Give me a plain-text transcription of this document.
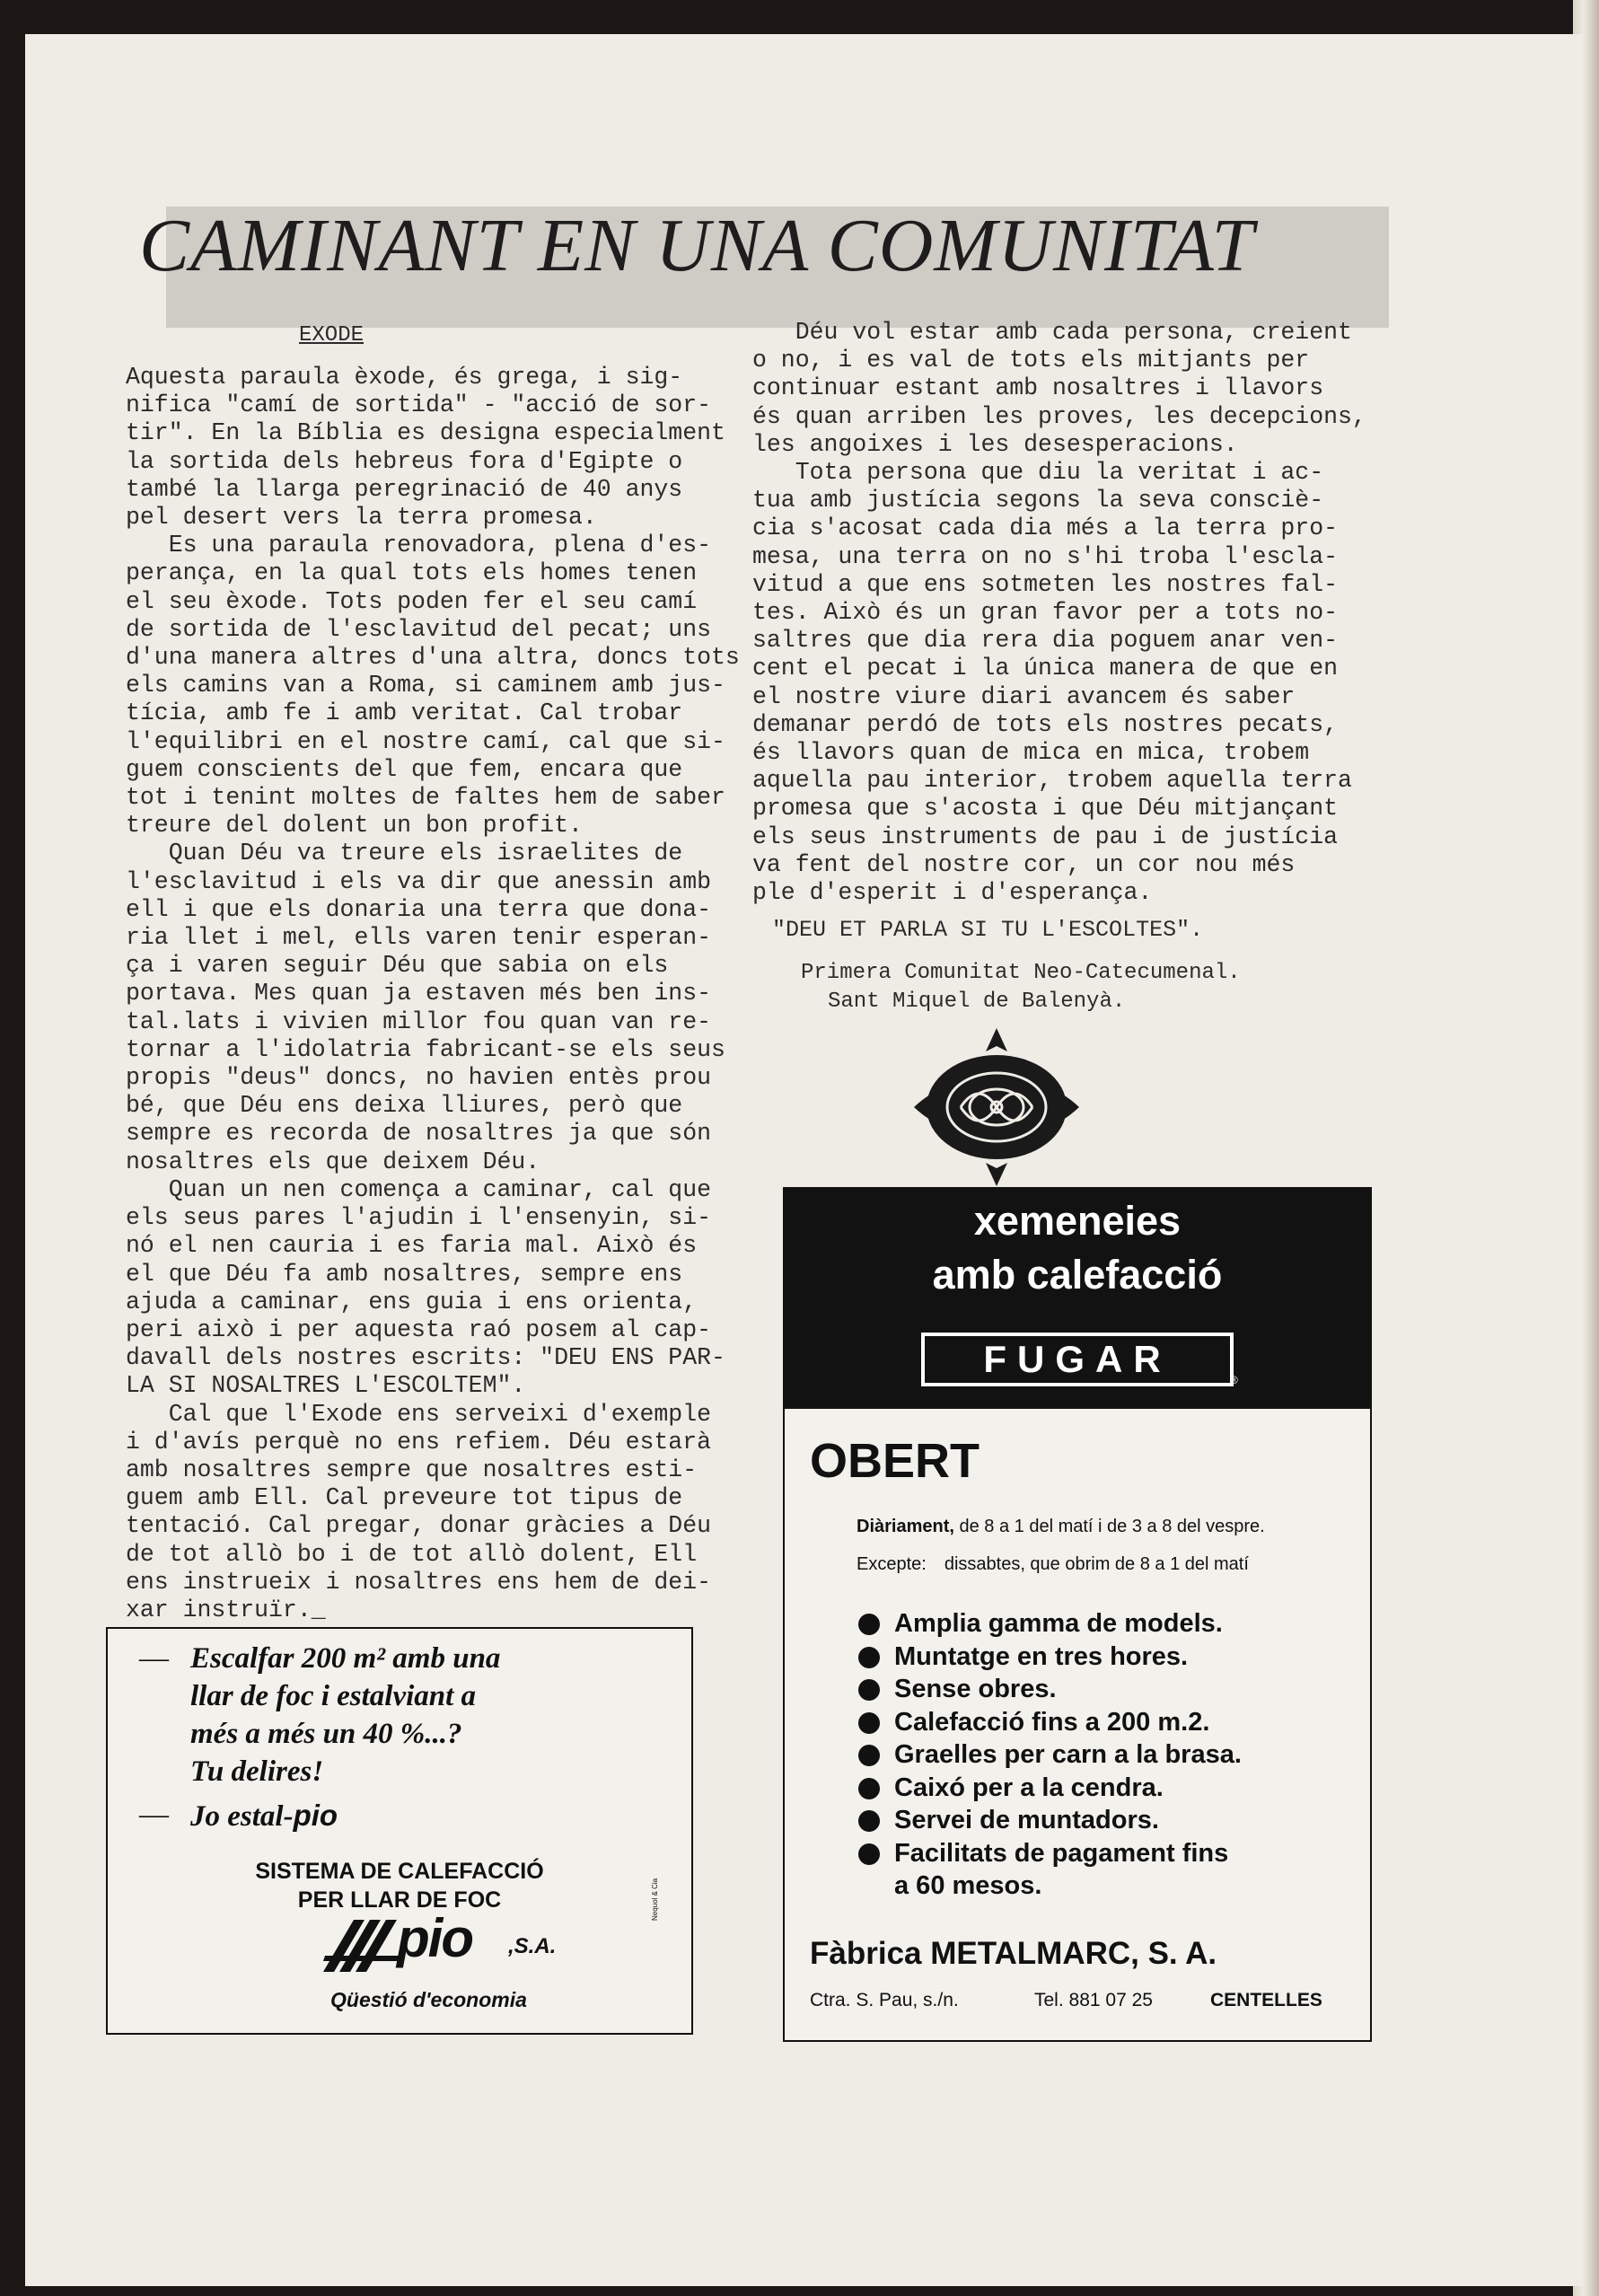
CAMINANT EN UNA COMUNITAT
EXODE
Aquesta paraula èxode, és grega, i sig-
nifica "camí de sortida" - "acció de sor-
tir". En la Bíblia es designa especialment
la sortida dels hebreus fora d'Egipte o
també la llarga peregrinació de 40 anys
pel desert vers la terra promesa.
Es una paraula renovadora, plena d'es-
perança, en la qual tots els homes tenen
el seu èxode. Tots poden fer el seu camí
de sortida de l'esclavitud del pecat; uns
d'una manera altres d'una altra, doncs tots
els camins van a Roma, si caminem amb jus-
tícia, amb fe i amb veritat. Cal trobar
l'equilibri en el nostre camí, cal que si-
guem conscients del que fem, encara que
tot i tenint moltes de faltes hem de saber
treure del dolent un bon profit.
Quan Déu va treure els israelites de
l'esclavitud i els va dir que anessin amb
ell i que els donaria una terra que dona-
ria llet i mel, ells varen tenir esperan-
ça i varen seguir Déu que sabia on els
portava. Mes quan ja estaven més ben ins-
tal.lats i vivien millor fou quan van re-
tornar a l'idolatria fabricant-se els seus
propis "deus" doncs, no havien entès prou
bé, que Déu ens deixa lliures, però que
sempre es recorda de nosaltres ja que són
nosaltres els que deixem Déu.
Quan un nen comença a caminar, cal que
els seus pares l'ajudin i l'ensenyin, si-
nó el nen cauria i es faria mal. Això és
el que Déu fa amb nosaltres, sempre ens
ajuda a caminar, ens guia i ens orienta,
peri això i per aquesta raó posem al cap-
davall dels nostres escrits: "DEU ENS PAR-
LA SI NOSALTRES L'ESCOLTEM".
Cal que l'Exode ens serveixi d'exemple
i d'avís perquè no ens refiem. Déu estarà
amb nosaltres sempre que nosaltres esti-
guem amb Ell. Cal preveure tot tipus de
tentació. Cal pregar, donar gràcies a Déu
de tot allò bo i de tot allò dolent, Ell
ens instrueix i nosaltres ens hem de dei-
xar instruïr._
Déu vol estar amb cada persona, creient
o no, i es val de tots els mitjants per
continuar estant amb nosaltres i llavors
és quan arriben les proves, les decepcions,
les angoixes i les desesperacions.
Tota persona que diu la veritat i ac-
tua amb justícia segons la seva consciè-
cia s'acosat cada dia més a la terra pro-
mesa, una terra on no s'hi troba l'escla-
vitud a que ens sotmeten les nostres fal-
tes. Això és un gran favor per a tots no-
saltres que dia rera dia poguem anar ven-
cent el pecat i la única manera de que en
el nostre viure diari avancem és saber
demanar perdó de tots els nostres pecats,
és llavors quan de mica en mica, trobem
aquella pau interior, trobem aquella terra
promesa que s'acosta i que Déu mitjançant
els seus instruments de pau i de justícia
va fent del nostre cor, un cor nou més
ple d'esperit i d'esperança.
"DEU ET PARLA SI TU L'ESCOLTES".
Primera Comunitat Neo-Catecumenal.
Sant Miquel de Balenyà.
— Escalfar 200 m² amb una
llar de foc i estalviant a
més a més un 40 %...?
Tu delires!
— Jo estal-pio
SISTEMA DE CALEFACCIÓ
PER LLAR DE FOC
pio ,S.A.
Qüestió d'economia
Nequol & Cia
xemeneies
amb calefacció
FUGAR	®
OBERT
Diàriament, de 8 a 1 del matí i de 3 a 8 del vespre.
Excepte: dissabtes, que obrim de 8 a 1 del matí
Amplia gamma de models.
Muntatge en tres hores.
Sense obres.
Calefacció fins a 200 m.2.
Graelles per carn a la brasa.
Caixó per a la cendra.
Servei de muntadors.
Facilitats de pagament fins
a 60 mesos.
Fàbrica METALMARC, S. A.
Ctra. S. Pau, s./n.	Tel. 881 07 25	CENTELLES
